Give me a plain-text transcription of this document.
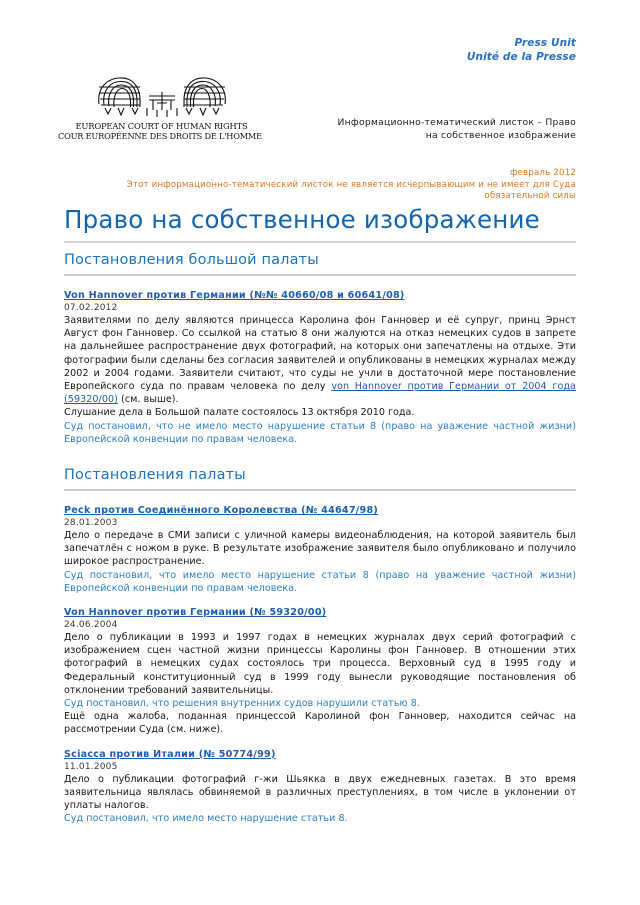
Press Unit
Unité de la Presse
EUROPEAN COURT OF HUMAN RIGHTS
COUR EUROPÉENNE DES DROITS DE L'HOMME
Информационно-тематический листок – Право на собственное изображение
февраль 2012
Этот информационно-тематический листок не является исчерпывающим и не имеет для Суда обязательной силы
Право на собственное изображение
Постановления большой палаты
Von Hannover против Германии (№№ 40660/08 и 60641/08)

07.02.2012

Заявителями по делу являются принцесса Каролина фон Ганновер и её супруг, принц Эрнст Август фон Ганновер. Со ссылкой на статью 8 они жалуются на отказ немецких судов в запрете на дальнейшее распространение двух фотографий, на которых они запечатлены на отдыхе. Эти фотографии были сделаны без согласия заявителей и опубликованы в немецких журналах между 2002 и 2004 годами. Заявители считают, что суды не учли в достаточной мере постановление Европейского суда по правам человека по делу von Hannover против Германии от 2004 года (59320/00) (см. выше).

Слушание дела в Большой палате состоялось 13 октября 2010 года.

Суд постановил, что не имело место нарушение статьи 8 (право на уважение частной жизни) Европейской конвенции по правам человека.

Постановления палаты
Peck против Соединённого Королевства (№ 44647/98)

28.01.2003

Дело о передаче в СМИ записи с уличной камеры видеонаблюдения, на которой заявитель был запечатлён с ножом в руке. В результате изображение заявителя было опубликовано и получило широкое распространение.

Суд постановил, что имело место нарушение статьи 8 (право на уважение частной жизни) Европейской конвенции по правам человека.

Von Hannover против Германии (№ 59320/00)

24.06.2004

Дело о публикации в 1993 и 1997 годах в немецких журналах двух серий фотографий с изображением сцен частной жизни принцессы Каролины фон Ганновер. В отношении этих фотографий в немецких судах состоялось три процесса. Верховный суд в 1995 году и Федеральный конституционный суд в 1999 году вынесли руководящие постановления об отклонении требований заявительницы.

Суд постановил, что решения внутренних судов нарушили статью 8.

Ещё одна жалоба, поданная принцессой Каролиной фон Ганновер, находится сейчас на рассмотрении Суда (см. ниже).

Sciacca против Италии (№ 50774/99)

11.01.2005

Дело о публикации фотографий г-жи Шьякка в двух ежедневных газетах. В это время заявительница являлась обвиняемой в различных преступлениях, в том числе в уклонении от уплаты налогов.

Суд постановил, что имело место нарушение статьи 8.
